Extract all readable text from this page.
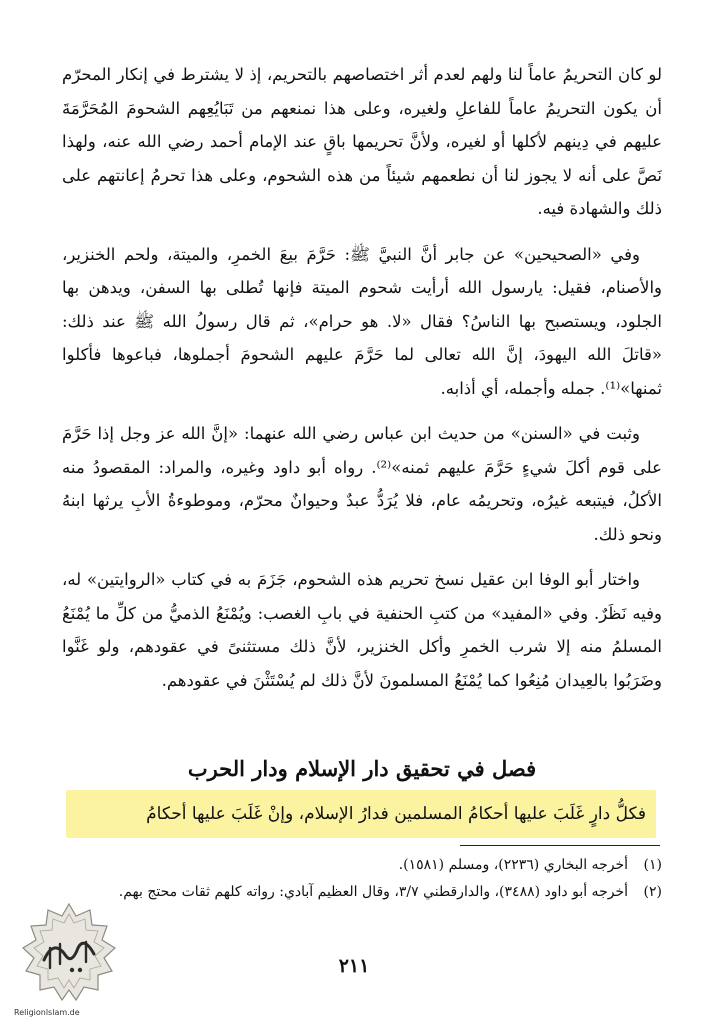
لو كان التحريمُ عاماً لنا ولهم لعدم أثر اختصاصهم بالتحريم، إذ لا يشترط في إنكار المحرّم أن يكون التحريمُ عاماً للفاعلِ ولغيره، وعلى هذا نمنعهم من تَبَايُعِهم الشحومَ المُحَرَّمَةَ عليهم في دِينهم لأكلها أو لغيره، ولأنَّ تحريمها باقٍ عند الإمام أحمد رضي الله عنه، ولهذا نَصَّ على أنه لا يجوز لنا أن نطعمهم شيئاً من هذه الشحوم، وعلى هذا تحرمُ إعانتهم على ذلك والشهادة فيه.

وفي «الصحيحين» عن جابر أنَّ النبيَّ ﷺ: حَرَّمَ بيعَ الخمرِ، والميتة، ولحم الخنزير، والأصنام، فقيل: يارسول الله أرأيت شحوم الميتة فإنها تُطلى بها السفن، ويدهن بها الجلود، ويستصبح بها الناسُ؟ فقال «لا. هو حرام»، ثم قال رسولُ الله ﷺ عند ذلك: «قاتلَ الله اليهودَ، إنَّ الله تعالى لما حَرَّمَ عليهم الشحومَ أجملوها، فباعوها فأكلوا ثمنها»⁽¹⁾. جمله وأجمله، أي أذابه.

وثبت في «السنن» من حديث ابن عباس رضي الله عنهما: «إنَّ الله عز وجل إذا حَرَّمَ على قوم أكلَ شيءٍ حَرَّمَ عليهم ثمنه»⁽²⁾. رواه أبو داود وغيره، والمراد: المقصودُ منه الأكلُ، فيتبعه غيرُه، وتحريمُه عام، فلا يُرَدُّ عبدٌ وحيوانٌ محرّم، وموطوءةُ الأبِ يرثها ابنهُ ونحو ذلك.

واختار أبو الوفا ابن عقيل نسخ تحريم هذه الشحوم، جَزَمَ به في كتاب «الروايتين» له، وفيه نَظَرٌ. وفي «المفيد» من كتبِ الحنفية في بابِ الغصب: ويُمْنَعُ الذميُّ من كلِّ ما يُمْنَعُ المسلمُ منه إلا شرب الخمرِ وأكل الخنزير، لأنَّ ذلك مستثنىً في عقودهم، ولو غَنَّوا وضَرَبُوا بالعِيدان مُنِعُوا كما يُمْنَعُ المسلمونَ لأنَّ ذلك لم يُسْتَثْنَ في عقودهم.

فصل في تحقيق دار الإسلام ودار الحرب
فكلُّ دارٍ غَلَبَ عليها أحكامُ المسلمين فدارُ الإسلام، وإنْ غَلَبَ عليها أحكامُ
(١)
أخرجه البخاري (٢٢٣٦)، ومسلم (١٥٨١).
(٢)
أخرجه أبو داود (٣٤٨٨)، والدارقطني ٣/٧، وقال العظيم آبادي: رواته كلهم ثقات محتج بهم.
٢١١
Religionlslam.de
